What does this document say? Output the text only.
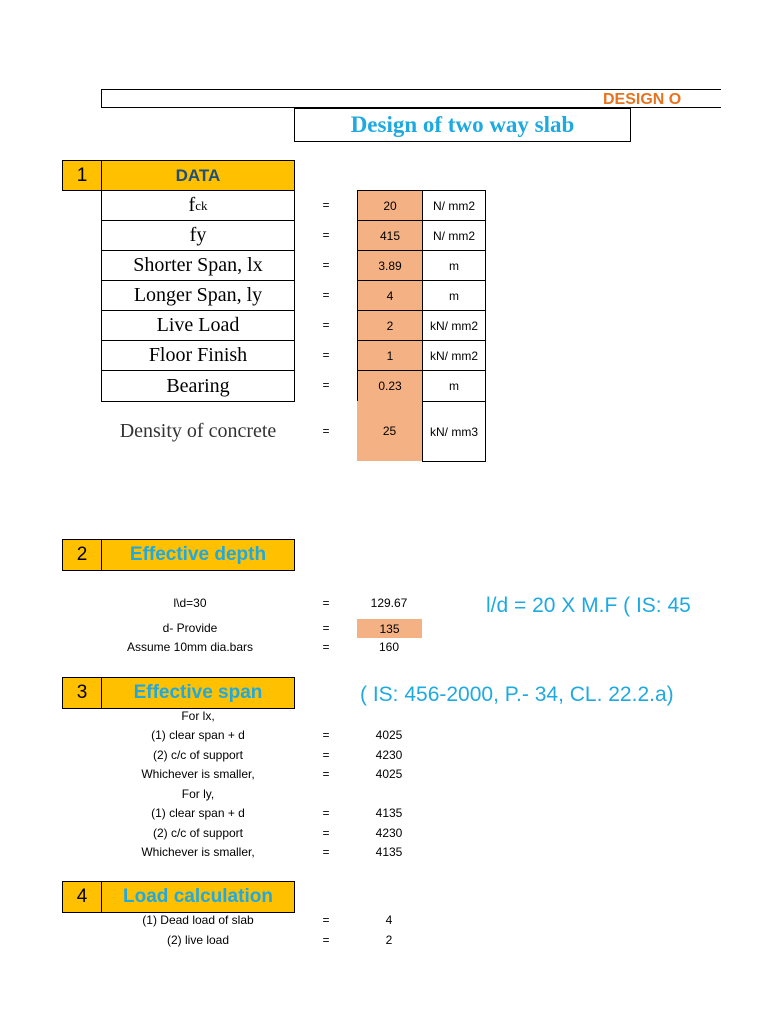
DESIGN O
Design of two way slab
1	DATA
f ck	=	20	N/ mm2
fy	=	415	N/ mm2
Shorter Span, lx	=	3.89	m
Longer Span, ly	=	4	m
Live Load	=	2	kN/ mm2
Floor Finish	=	1	kN/ mm2
Bearing	=	0.23	m
Density of concrete	=	25	kN/ mm3
2	Effective depth
l/d = 20 X M.F ( IS: 45
l\d=30	=	129.67
d- Provide	=	135
Assume 10mm dia.bars	=	160
3	Effective span	( IS: 456-2000, P.- 34, CL. 22.2.a)
For lx,
(1) clear span + d	=	4025
(2) c/c of support	=	4230
Whichever is smaller,	=	4025
For ly,
(1) clear span + d	=	4135
(2) c/c of support	=	4230
Whichever is smaller,	=	4135
4	Load calculation
(1) Dead load of slab	=	4
(2) live load	=	2
